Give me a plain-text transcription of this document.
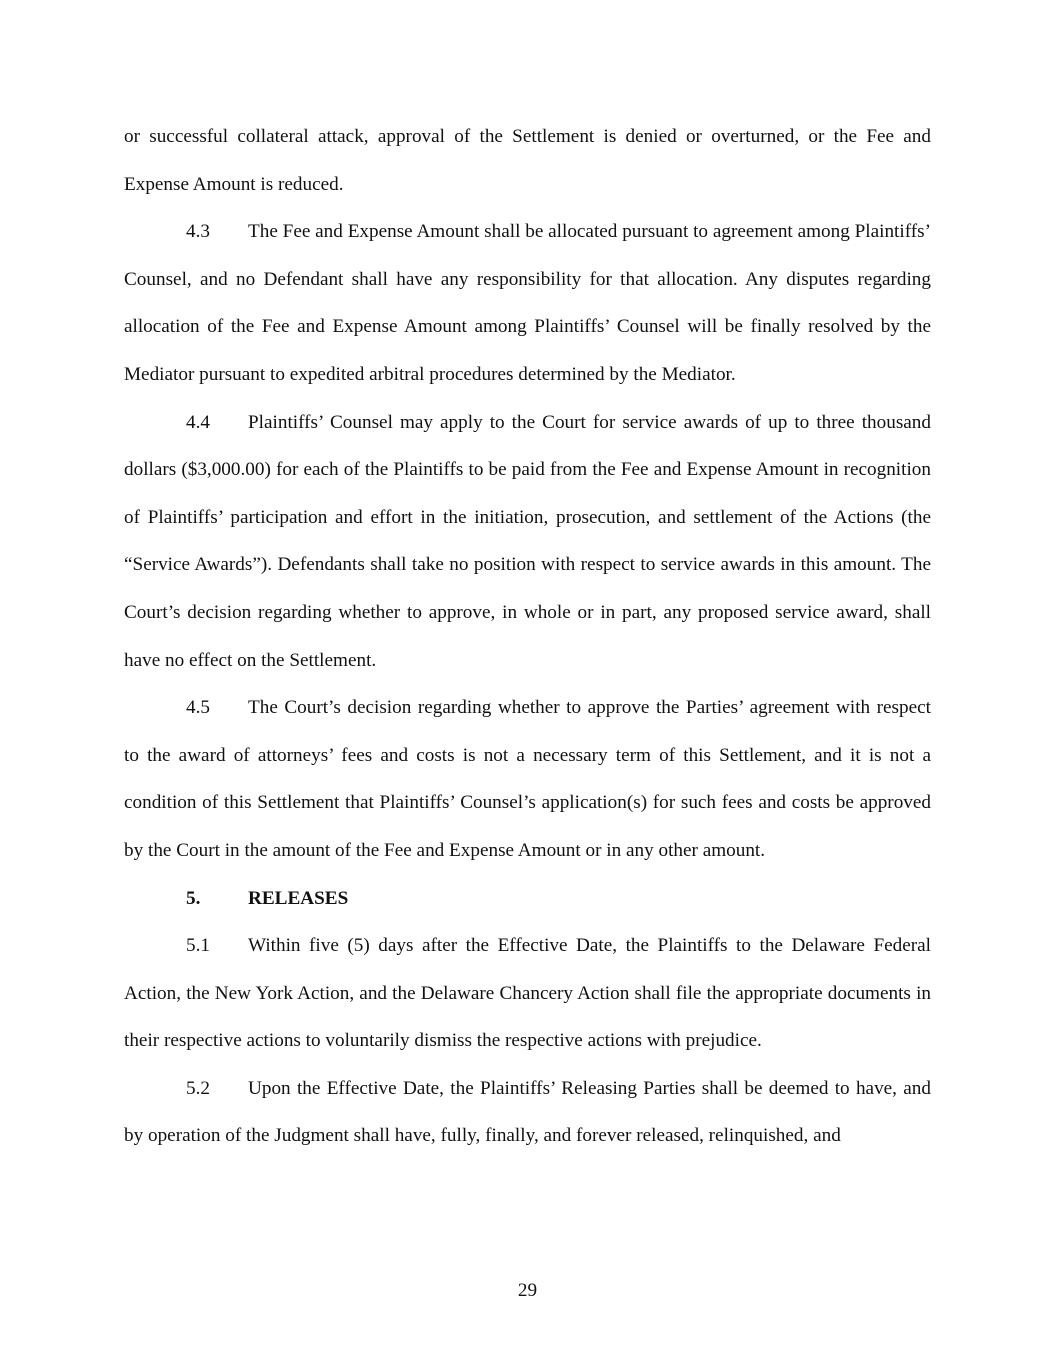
or successful collateral attack, approval of the Settlement is denied or overturned, or the Fee and Expense Amount is reduced.

4.3 The Fee and Expense Amount shall be allocated pursuant to agreement among Plaintiffs’ Counsel, and no Defendant shall have any responsibility for that allocation. Any disputes regarding allocation of the Fee and Expense Amount among Plaintiffs’ Counsel will be finally resolved by the Mediator pursuant to expedited arbitral procedures determined by the Mediator.

4.4 Plaintiffs’ Counsel may apply to the Court for service awards of up to three thousand dollars ($3,000.00) for each of the Plaintiffs to be paid from the Fee and Expense Amount in recognition of Plaintiffs’ participation and effort in the initiation, prosecution, and settlement of the Actions (the “Service Awards”). Defendants shall take no position with respect to service awards in this amount. The Court’s decision regarding whether to approve, in whole or in part, any proposed service award, shall have no effect on the Settlement.

4.5 The Court’s decision regarding whether to approve the Parties’ agreement with respect to the award of attorneys’ fees and costs is not a necessary term of this Settlement, and it is not a condition of this Settlement that Plaintiffs’ Counsel’s application(s) for such fees and costs be approved by the Court in the amount of the Fee and Expense Amount or in any other amount.

5. RELEASES

5.1 Within five (5) days after the Effective Date, the Plaintiffs to the Delaware Federal Action, the New York Action, and the Delaware Chancery Action shall file the appropriate documents in their respective actions to voluntarily dismiss the respective actions with prejudice.

5.2 Upon the Effective Date, the Plaintiffs’ Releasing Parties shall be deemed to have, and by operation of the Judgment shall have, fully, finally, and forever released, relinquished, and

29
